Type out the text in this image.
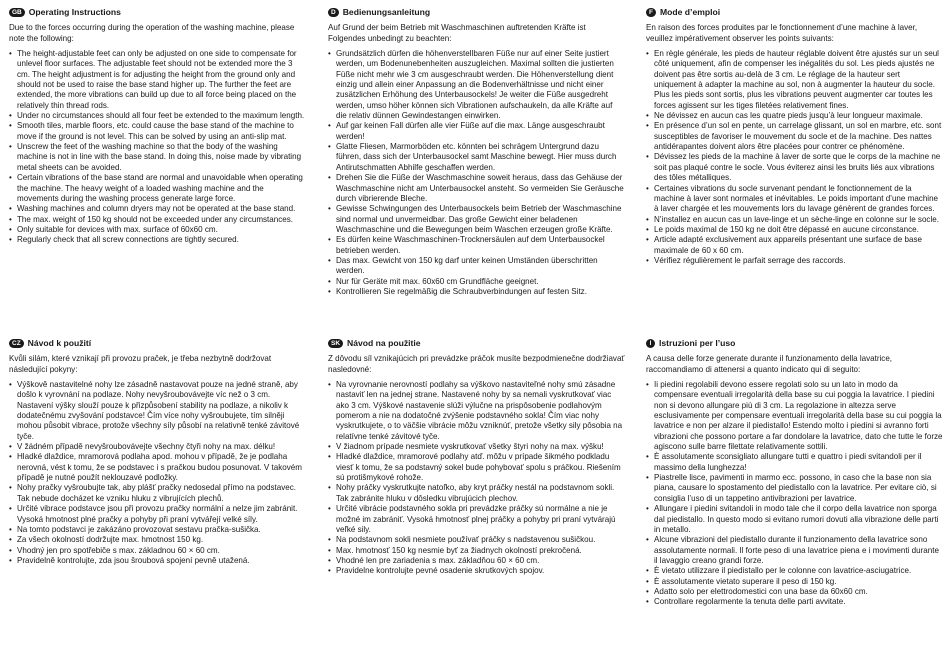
GB Operating Instructions

Due to the forces occurring during the operation of the washing machine, please note the following:

• The height-adjustable feet can only be adjusted on one side to compensate for unlevel floor surfaces. The adjustable feet should not be extended more the 3 cm. The height adjustment is for adjusting the height from the ground only and should not be used to raise the base stand higher up. The further the feet are extended, the more vibrations can build up due to all force being placed on the relatively thin thread rods.
• Under no circumstances should all four feet be extended to the maximum length.
• Smooth tiles, marble floors, etc. could cause the base stand of the machine to move if the ground is not level. This can be solved by using an anti-slip mat.
• Unscrew the feet of the washing machine so that the body of the washing machine is not in line with the base stand. In doing this, noise made by vibrating metal sheets can be avoided.
• Certain vibrations of the base stand are normal and unavoidable when operating the machine. The heavy weight of a loaded washing machine and the movements during the washing process generate large force.
• Washing machines and column dryers may not be operated at the base stand.
• The max. weight of 150 kg should not be exceeded under any circumstances.
• Only suitable for devices with max. surface of 60x60 cm.
• Regularly check that all screw connections are tightly secured.
D Bedienungsanleitung

Auf Grund der beim Betrieb mit Waschmaschinen auftretenden Kräfte ist Folgendes unbedingt zu beachten:

• Grundsätzlich dürfen die höhenverstellbaren Füße nur auf einer Seite justiert werden, um Bodenunebenheiten auszugleichen. Maximal sollten die justierten Füße nicht mehr wie 3 cm ausgeschraubt werden. Die Höhenverstellung dient einzig und allein einer Anpassung an die Bodenverhältnisse und nicht einer zusätzlichen Erhöhung des Unterbausockels! Je weiter die Füße ausgedreht werden, umso höher können sich Vibrationen aufschaukeln, da alle Kräfte auf die relativ dünnen Gewindestangen einwirken.
• Auf gar keinen Fall dürfen alle vier Füße auf die max. Länge ausgeschraubt werden!
• Glatte Fliesen, Marmorböden etc. könnten bei schrägem Untergrund dazu führen, dass sich der Unterbausockel samt Maschine bewegt. Hier muss durch Antirutschmatten Abhilfe geschaffen werden.
• Drehen Sie die Füße der Waschmaschine soweit heraus, dass das Gehäuse der Waschmaschine nicht am Unterbausockel ansteht. So vermeiden Sie Geräusche durch vibrierende Bleche.
• Gewisse Schwingungen des Unterbausockels beim Betrieb der Waschmaschine sind normal und unvermeidbar. Das große Gewicht einer beladenen Waschmaschine und die Bewegungen beim Waschen erzeugen große Kräfte.
• Es dürfen keine Waschmaschinen-Trocknersäulen auf dem Unterbausockel betrieben werden.
• Das max. Gewicht von 150 kg darf unter keinen Umständen überschritten werden.
• Nur für Geräte mit max. 60x60 cm Grundfläche geeignet.
• Kontrollieren Sie regelmäßig die Schraubverbindungen auf festen Sitz.
F Mode d’emploi

En raison des forces produites par le fonctionnement d’une machine à laver, veuillez impérativement observer les points suivants:

• En règle générale, les pieds de hauteur réglable doivent être ajustés sur un seul côté uniquement, afin de compenser les inégalités du sol. Les pieds ajustés ne doivent pas être sortis au-delà de 3 cm. Le réglage de la hauteur sert uniquement à adapter la machine au sol, non à augmenter la hauteur du socle. Plus les pieds sont sortis, plus les vibrations peuvent augmenter car toutes les forces agissent sur les tiges filetées relativement fines.
• Ne dévissez en aucun cas les quatre pieds jusqu’à leur longueur maximale.
• En présence d’un sol en pente, un carrelage glissant, un sol en marbre, etc. sont susceptibles de favoriser le mouvement du socle et de la machine. Des nattes antidérapantes doivent alors être placées pour contrer ce phénomène.
• Dévissez les pieds de la machine à laver de sorte que le corps de la machine ne soit pas plaqué contre le socle. Vous éviterez ainsi les bruits liés aux vibrations des tôles métalliques.
• Certaines vibrations du socle survenant pendant le fonctionnement de la machine à laver sont normales et inévitables. Le poids important d’une machine à laver chargée et les mouvements lors du lavage génèrent de grandes forces.
• N’installez en aucun cas un lave-linge et un sèche-linge en colonne sur le socle.
• Le poids maximal de 150 kg ne doit être dépassé en aucune circonstance.
• Article adapté exclusivement aux appareils présentant une surface de base maximale de 60 x 60 cm.
• Vérifiez régulièrement le parfait serrage des raccords.
CZ Návod k použití

Kvůli silám, které vznikají při provozu praček, je třeba nezbytně dodržovat následující pokyny:

• Výškově nastavitelné nohy lze zásadně nastavovat pouze na jedné straně, aby došlo k vyrovnání na podlaze. Nohy nevyšroubovávejte víc než o 3 cm. Nastavení výšky slouží pouze k přizpůsobení stability na podlaze, a nikoliv k dodatečnému zvyšování podstavce! Čím více nohy vyšroubujete, tím silněji mohou působit vibrace, protože všechny síly působí na relativně tenké závitové tyče.
• V žádném případě nevyšroubovávejte všechny čtyři nohy na max. délku!
• Hladké dlaždice, mramorová podlaha apod. mohou v případě, že je podlaha nerovná, vést k tomu, že se podstavec i s pračkou budou posunovat. V takovém případě je nutné použít neklouzavé podložky.
• Nohy pračky vyšroubujte tak, aby plášť pračky nedosedal přímo na podstavec. Tak nebude docházet ke vzniku hluku z vibrujících plechů.
• Určité vibrace podstavce jsou při provozu pračky normální a nelze jim zabránit. Vysoká hmotnost plné pračky a pohyby při praní vytvářejí velké síly.
• Na tomto podstavci je zakázáno provozovat sestavu pračka-sušička.
• Za všech okolností dodržujte max. hmotnost 150 kg.
• Vhodný jen pro spotřebiče s max. základnou 60 × 60 cm.
• Pravidelně kontrolujte, zda jsou šroubová spojení pevně utažená.
SK Návod na použitie

Z dôvodu síl vznikajúcich pri prevádzke práčok musíte bezpodmienečne dodržiavať nasledovné:

• Na vyrovnanie nerovností podlahy sa výškovo nastaviteľné nohy smú zásadne nastaviť len na jednej strane. Nastavené nohy by sa nemali vyskrutkovať viac ako 3 cm. Výškové nastavenie slúži výlučne na prispôsobenie podlahovým pomerom a nie na dodatočné zvýšenie podstavného sokla! Čím viac nohy vyskrutkujete, o to väčšie vibrácie môžu vzniknúť, pretože všetky sily pôsobia na relatívne tenké závitové tyče.
• V žiadnom prípade nesmiete vyskrutkovať všetky štyri nohy na max. výšku!
• Hladké dlaždice, mramorové podlahy atď. môžu v prípade šikmého podkladu viesť k tomu, že sa podstavný sokel bude pohybovať spolu s práčkou. Riešením sú protišmykové rohože.
• Nohy práčky vyskrutkujte natoľko, aby kryt práčky nestál na podstavnom sokli. Tak zabránite hluku v dôsledku vibrujúcich plechov.
• Určité vibrácie podstavného sokla pri prevádzke práčky sú normálne a nie je možné im zabrániť. Vysoká hmotnosť plnej práčky a pohyby pri praní vytvárajú veľké sily.
• Na podstavnom sokli nesmiete používať práčky s nadstavenou sušičkou.
• Max. hmotnosť 150 kg nesmie byť za žiadnych okolností prekročená.
• Vhodné len pre zariadenia s max. základňou 60 × 60 cm.
• Pravidelne kontrolujte pevné osadenie skrutkových spojov.
I Istruzioni per l’uso

A causa delle forze generate durante il funzionamento della lavatrice, raccomandiamo di attenersi a quanto indicato qui di seguito:

• Ii piedini regolabili devono essere regolati solo su un lato in modo da compensare eventuali irregolarità della base su cui poggia la lavatrice. I piedini non si devono allungare più di 3 cm. La regolazione in altezza serve esclusivamente per compensare eventuali irregolarità della base su cui poggia la lavatrice e non per alzare il piedistallo! Estendo molto i piedini si avranno forti vibrazioni che possono portare a far dondolare la lavatrice, dato che tutte le forze agiscono sulle barre filettate relativamente sottili.
• È assolutamente sconsigliato allungare tutti e quattro i piedi svitandoli per il massimo della lunghezza!
• Piastrelle lisce, pavimenti in marmo ecc. possono, in caso che la base non sia piana, causare lo spostamento del piedistallo con la lavatrice. Per evitare ciò, si consiglia l’uso di un tappetino antivibrazioni per lavatrice.
• Allungare i piedini svitandoli in modo tale che il corpo della lavatrice non sporga dal piedistallo. In questo modo si evitano rumori dovuti alla vibrazione delle parti in metallo.
• Alcune vibrazioni del piedistallo durante il funzionamento della lavatrice sono assolutamente normali. Il forte peso di una lavatrice piena e i movimenti durante il lavaggio creano grandi forze.
• È vietato utilizzare il piedistallo per le colonne con lavatrice-asciugatrice.
• È assolutamente vietato superare il peso di 150 kg.
• Adatto solo per elettrodomestici con una base da 60x60 cm.
• Controllare regolarmente la tenuta delle parti avvitate.
